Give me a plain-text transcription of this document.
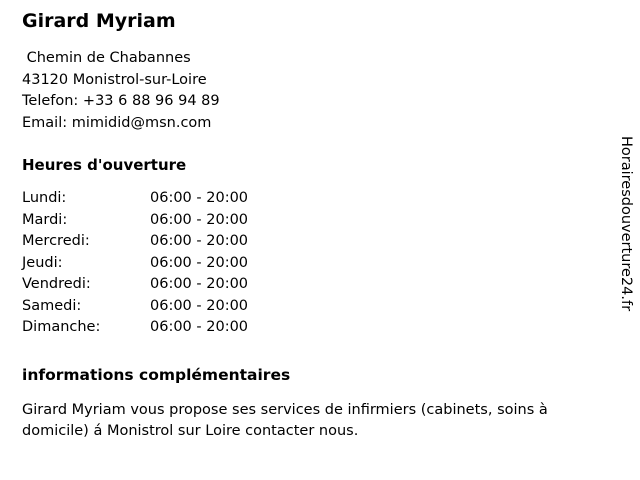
Girard Myriam

Chemin de Chabannes

43120 Monistrol-sur-Loire

Telefon: +33 6 88 96 94 89

Email: mimidid@msn.com

Heures d'ouverture
Lundi:	06:00 - 20:00
Mardi:	06:00 - 20:00
Mercredi:	06:00 - 20:00
Jeudi:	06:00 - 20:00
Vendredi:	06:00 - 20:00
Samedi:	06:00 - 20:00
Dimanche:	06:00 - 20:00
informations complémentaires

Girard Myriam vous propose ses services de infirmiers (cabinets, soins à domicile) á Monistrol sur Loire contacter nous.

Horairesdouverture24.fr
